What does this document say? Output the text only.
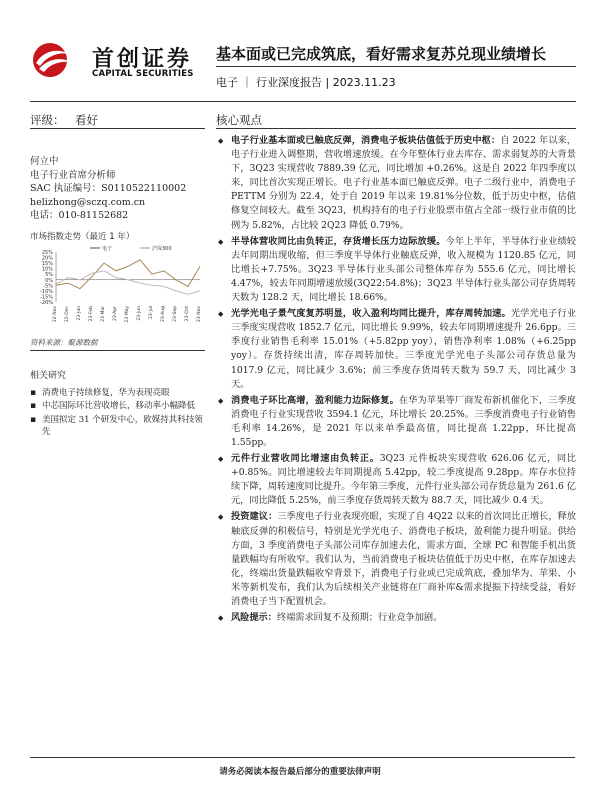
首创证券
CAPITAL SECURITIES
基本面或已完成筑底，看好需求复苏兑现业绩增长
电子 ｜ 行业深度报告 | 2023.11.23
评级： 看好
何立中
电子行业首席分析师
SAC 执证编号：S0110522110002
helizhong@sczq.com.cn
电话：010-81152682
市场指数走势（最近 1 年）
25%
20%
15%
10%
5%
0%
-5%
-10%
-15%
-20%
电子	沪深300
22-Nov 22-Dec 23-Jan 23-Feb 23-Mar 23-Apr 23-May 23-Jun 23-Jul 23-Aug 23-Sep 23-Oct 23-Nov
资料来源：聚源数据
相关研究
▪ 消费电子持续修复，华为表现亮眼
▪ 中芯国际环比营收增长，移动率小幅降低
▪ 美国拟定 31 个研发中心，欧媒持其科技领先
核心观点
◆ 电子行业基本面或已触底反弹，消费电子板块估值低于历史中枢：自 2022 年以来，电子行业进入调整期，营收增速放缓。在今年整体行业去库存、需求弱复苏的大背景下，3Q23 实现营收 7889.39 亿元，同比增加 +0.26%。这是自 2022 年四季度以来，同比首次实现正增长。电子行业基本面已触底反弹。电子二级行业中，消费电子 PETTM 分别为 22.4，处于自 2019 年以来 19.81%分位数，低于历史中枢，估值修复空间较大。截至 3Q23，机构持有的电子行业股票市值占全部一级行业市值的比例为 5.82%，占比较 2Q23 降低 0.79%。
◆ 半导体营收同比由负转正，存货增长压力边际放缓。今年上半年，半导体行业业绩较去年同期出现收缩，但三季度半导体行业触底反弹，收入规模为 1120.85 亿元，同比增长+7.75%。3Q23 半导体行业头部公司整体库存为 555.6 亿元，同比增长 4.47%，较去年同期增速放缓(3Q22:54.8%)；3Q23 半导体行业头部公司存货周转天数为 128.2 天，同比增长 18.66%。
◆ 光学光电子景气度复苏明显，收入盈利均同比提升，库存周转加速。光学光电子行业三季度实现营收 1852.7 亿元，同比增长 9.99%，较去年同期增速提升 26.6pp。三季度行业销售毛利率 15.01%（+5.82pp yoy），销售净利率 1.08%（+6.25pp yoy）。存货持续出清，库存周转加快。三季度光学光电子头部公司存货总量为 1017.9 亿元，同比减少 3.6%；前三季度存货周转天数为 59.7 天，同比减少 3 天。
◆ 消费电子环比高增，盈利能力边际修复。在华为苹果等厂商发布新机催化下，三季度消费电子行业实现营收 3594.1 亿元，环比增长 20.25%。三季度消费电子行业销售毛利率 14.26%，是 2021 年以来单季最高值，同比提高 1.22pp，环比提高 1.55pp。
◆ 元件行业营收同比增速由负转正。3Q23 元件板块实现营收 626.06 亿元，同比+0.85%。同比增速较去年同期提高 5.42pp，较二季度提高 9.28pp。库存水位持续下降，周转速度同比提升。今年第三季度，元件行业头部公司存货总量为 261.6 亿元，同比降低 5.25%，前三季度存货周转天数为 88.7 天，同比减少 0.4 天。
◆ 投资建议：三季度电子行业表现亮眼，实现了自 4Q22 以来的首次同比正增长，释放触底反弹的积极信号，特别是光学光电子、消费电子板块，盈利能力提升明显。供给方面，3 季度消费电子头部公司库存加速去化，需求方面，全球 PC 和智能手机出货量跌幅均有所收窄。我们认为，当前消费电子板块估值低于历史中枢，在库存加速去化，终端出货量跌幅收窄背景下，消费电子行业或已完成筑底，叠加华为、苹果、小米等新机发布，我们认为后续相关产业链将在厂商补库&需求提振下持续受益，看好消费电子当下配置机会。
◆ 风险提示：终端需求回复不及预期；行业竞争加剧。
请务必阅读本报告最后部分的重要法律声明
